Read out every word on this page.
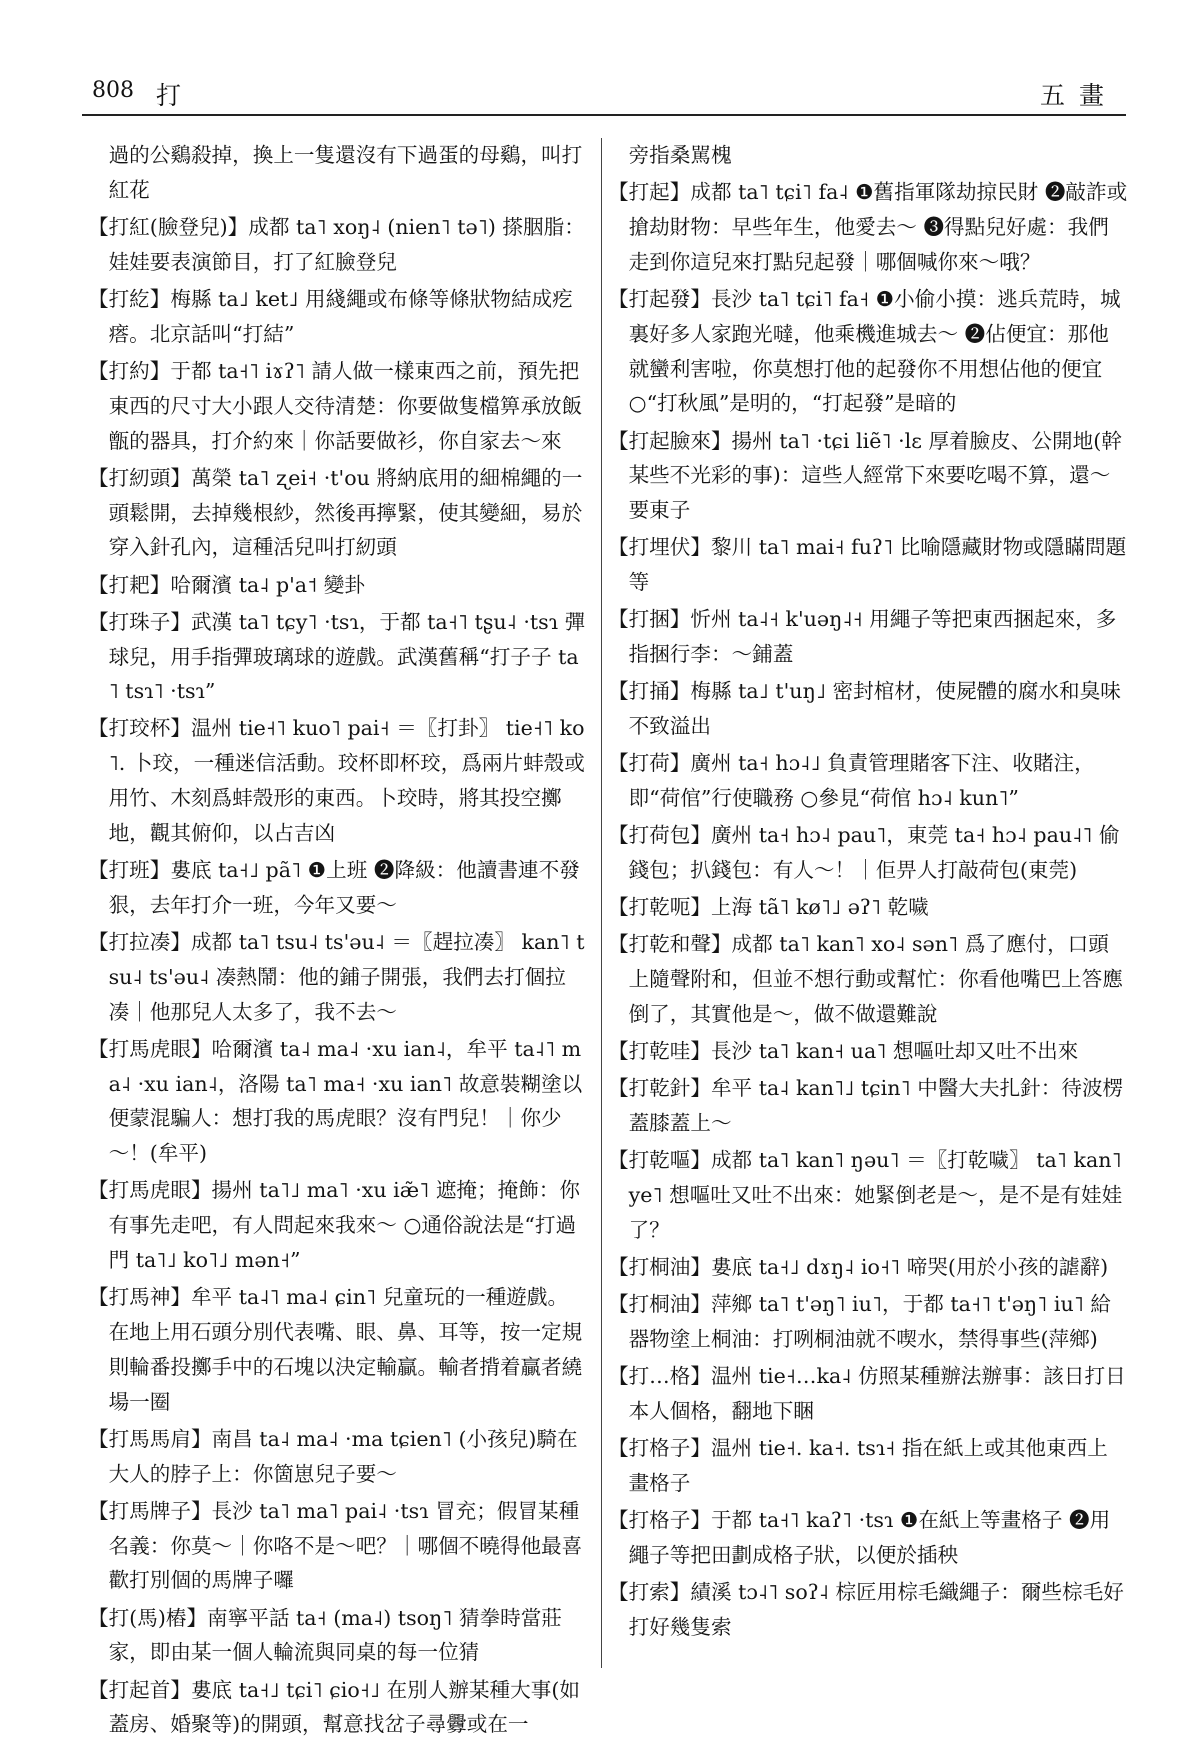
808 打	五畫

過的公鷄殺掉，換上一隻還沒有下過蛋的母鷄，叫打紅花

【打紅(臉登兒)】成都 ta˥ xoŋ˨ (nien˥ tə˥) 搽胭脂：娃娃要表演節目，打了紅臉登兒

【打紇】梅縣 ta˩ ket˩ 用綫繩或布條等條狀物結成疙瘩。北京話叫“打結”

【打約】于都 ta˧˥ iɤʔ˥ 請人做一樣東西之前，預先把東西的尺寸大小跟人交待清楚：你要做隻檔箅承放飯甑的器具，打介約來｜你話要做衫，你自家去～來

【打紉頭】萬榮 ta˥ ʐei˧ ·t'ou 將納底用的細棉繩的一頭鬆開，去掉幾根紗，然後再擰緊，使其變細，易於穿入針孔內，這種活兒叫打紉頭

【打耙】哈爾濱 ta˨ p'a˦ 變卦

【打珠子】武漢 ta˥ tɕy˥ ·tsɿ，于都 ta˧˥ tʂu˨ ·tsɿ 彈球兒，用手指彈玻璃球的遊戲。武漢舊稱“打子子 ta˥ tsɿ˥ ·tsɿ”

【打珓杯】温州 tie˧˥ kuo˥ pai˧ ＝〖打卦〗 tie˧˥ ko˥. 卜珓，一種迷信活動。珓杯即杯珓，爲兩片蚌殼或用竹、木刻爲蚌殼形的東西。卜珓時，將其投空擲地，觀其俯仰，以占吉凶

【打班】婁底 ta˧˩ pã˥ ❶上班 ❷降級：他讀書連不發狠，去年打介一班，今年又要～

【打拉凑】成都 ta˥ tsu˨ ts'əu˨ ＝〖趕拉凑〗 kan˥ tsu˨ ts'əu˨ 凑熱鬧：他的鋪子開張，我們去打個拉凑｜他那兒人太多了，我不去～

【打馬虎眼】哈爾濱 ta˨ ma˨ ·xu ian˨，牟平 ta˨˥ ma˨ ·xu ian˨，洛陽 ta˥ ma˧ ·xu ian˥ 故意裝糊塗以便蒙混騙人：想打我的馬虎眼？沒有門兒！｜你少～！(牟平)

【打馬虎眼】揚州 ta˥˩ ma˥ ·xu iæ̃˥ 遮掩；掩飾：你有事先走吧，有人問起來我來～ ○通俗說法是“打過門 ta˥˩ ko˥˩ mən˧”

【打馬神】牟平 ta˨˥ ma˨ ɕin˥ 兒童玩的一種遊戲。在地上用石頭分別代表嘴、眼、鼻、耳等，按一定規則輪番投擲手中的石塊以決定輸贏。輸者揹着贏者繞場一圈

【打馬馬肩】南昌 ta˨ ma˨ ·ma tɕien˥ (小孩兒)騎在大人的脖子上：你箇崽兒子要～

【打馬牌子】長沙 ta˥ ma˥ pai˨ ·tsɿ 冒充；假冒某種名義：你莫～｜你咯不是～吧？｜哪個不曉得他最喜歡打別個的馬牌子囉

【打(馬)樁】南寧平話 ta˧ (ma˨) tsoŋ˥ 猜拳時當莊家，即由某一個人輪流與同桌的每一位猜

【打起首】婁底 ta˧˩ tɕi˥ ɕio˧˩ 在別人辦某種大事(如蓋房、婚聚等)的開頭，幫意找岔子尋釁或在一

旁指桑駡槐

【打起】成都 ta˥ tɕi˥ fa˨ ❶舊指軍隊劫掠民財 ❷敲詐或搶劫財物：早些年生，他愛去～ ❸得點兒好處：我們走到你這兒來打點兒起發｜哪個喊你來～哦？

【打起發】長沙 ta˥ tɕi˥ fa˧ ❶小偷小摸：逃兵荒時，城裏好多人家跑光噠，他乘機進城去～ ❷佔便宜：那他就蠻利害啦，你莫想打他的起發你不用想佔他的便宜 ○“打秋風”是明的，“打起發”是暗的

【打起臉來】揚州 ta˥ ·tɕi liẽ˥ ·lɛ 厚着臉皮、公開地(幹某些不光彩的事)：這些人經常下來要吃喝不算，還～要東子

【打埋伏】黎川 ta˥ mai˧ fuʔ˥ 比喻隱藏財物或隱瞞問題等

【打捆】忻州 ta˨˧ k'uəŋ˨˧ 用繩子等把東西捆起來，多指捆行李：～鋪蓋

【打捅】梅縣 ta˩ t'uŋ˩ 密封棺材，使屍體的腐水和臭味不致溢出

【打荷】廣州 ta˧ hɔ˨˩ 負責管理賭客下注、收賭注，即“荷倌”行使職務 ○參見“荷倌 hɔ˨ kun˥”

【打荷包】廣州 ta˧ hɔ˨ pau˥，東莞 ta˧ hɔ˨ pau˨˥ 偷錢包；扒錢包：有人～！｜佢畀人打敲荷包(東莞)

【打乾呃】上海 tã˥ kø˥˩ əʔ˥ 乾噦

【打乾和聲】成都 ta˥ kan˥ xo˨ sən˥ 爲了應付，口頭上隨聲附和，但並不想行動或幫忙：你看他嘴巴上答應倒了，其實他是～，做不做還難說

【打乾哇】長沙 ta˥ kan˧ ua˥ 想嘔吐却又吐不出來

【打乾針】牟平 ta˨ kan˥˩ tɕin˥ 中醫大夫扎針：待波楞蓋膝蓋上～

【打乾嘔】成都 ta˥ kan˥ ŋəu˥ ＝〖打乾噦〗 ta˥ kan˥ ye˥ 想嘔吐又吐不出來：她緊倒老是～，是不是有娃娃了？

【打桐油】婁底 ta˧˩ dɤŋ˨ io˧˥ 啼哭(用於小孩的謔辭)

【打桐油】萍鄉 ta˥ t'əŋ˥ iu˥，于都 ta˧˥ t'əŋ˥ iu˥ 給器物塗上桐油：打咧桐油就不喫水，禁得事些(萍鄉)

【打…格】温州 tie˧…ka˨ 仿照某種辦法辦事：該日打日本人個格，翻地下睏

【打格子】温州 tie˧. ka˧. tsɿ˧ 指在紙上或其他東西上畫格子

【打格子】于都 ta˧˥ kaʔ˥ ·tsɿ ❶在紙上等畫格子 ❷用繩子等把田劃成格子狀，以便於插秧

【打索】績溪 tɔ˨˥ soʔ˨ 棕匠用棕毛織繩子：爾些棕毛好打好幾隻索
